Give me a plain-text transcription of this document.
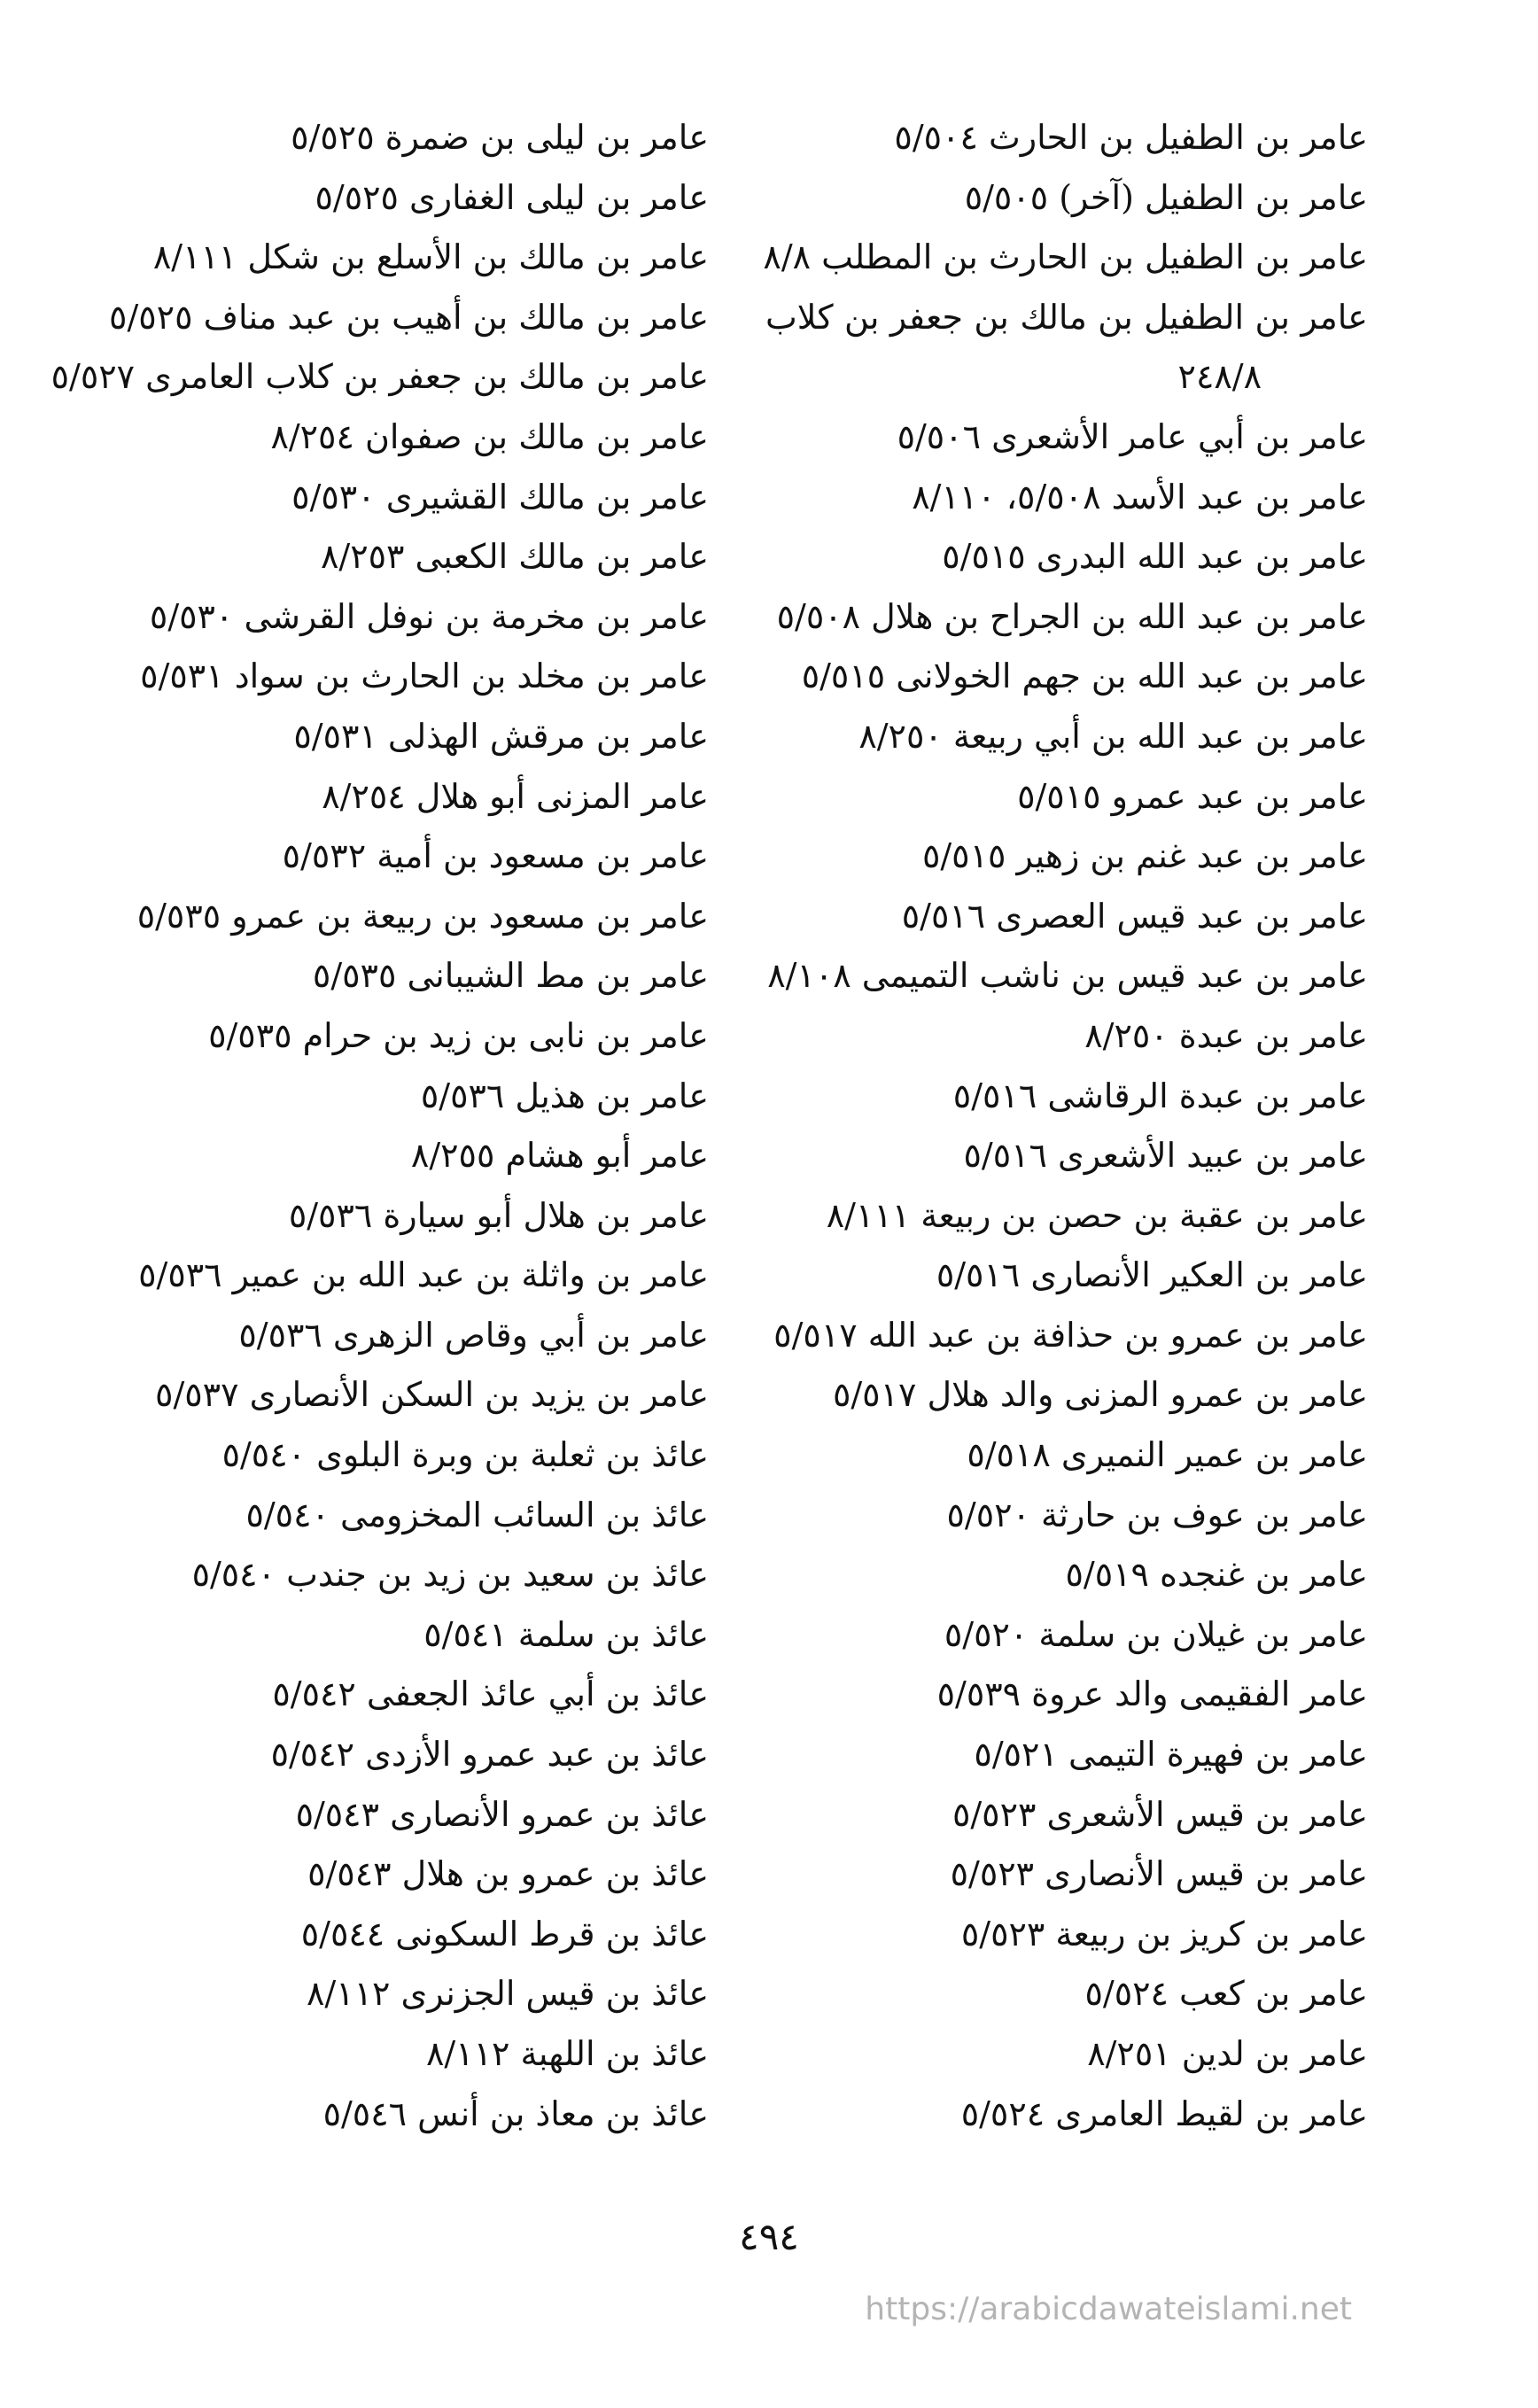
عامر بن الطفيل بن الحارث ٥/٥٠٤
عامر بن الطفيل (آخر) ٥/٥٠٥
عامر بن الطفيل بن الحارث بن المطلب ٨/٨
عامر بن الطفيل بن مالك بن جعفر بن كلاب
٢٤٨/٨
عامر بن أبي عامر الأشعرى ٥/٥٠٦
عامر بن عبد الأسد ٥/٥٠٨، ٨/١١٠
عامر بن عبد الله البدرى ٥/٥١٥
عامر بن عبد الله بن الجراح بن هلال ٥/٥٠٨
عامر بن عبد الله بن جهم الخولانى ٥/٥١٥
عامر بن عبد الله بن أبي ربيعة ٨/٢٥٠
عامر بن عبد عمرو ٥/٥١٥
عامر بن عبد غنم بن زهير ٥/٥١٥
عامر بن عبد قيس العصرى ٥/٥١٦
عامر بن عبد قيس بن ناشب التميمى ٨/١٠٨
عامر بن عبدة ٨/٢٥٠
عامر بن عبدة الرقاشى ٥/٥١٦
عامر بن عبيد الأشعرى ٥/٥١٦
عامر بن عقبة بن حصن بن ربيعة ٨/١١١
عامر بن العكير الأنصارى ٥/٥١٦
عامر بن عمرو بن حذافة بن عبد الله ٥/٥١٧
عامر بن عمرو المزنى والد هلال ٥/٥١٧
عامر بن عمير النميرى ٥/٥١٨
عامر بن عوف بن حارثة ٥/٥٢٠
عامر بن غنجده ٥/٥١٩
عامر بن غيلان بن سلمة ٥/٥٢٠
عامر الفقيمى والد عروة ٥/٥٣٩
عامر بن فهيرة التيمى ٥/٥٢١
عامر بن قيس الأشعرى ٥/٥٢٣
عامر بن قيس الأنصارى ٥/٥٢٣
عامر بن كريز بن ربيعة ٥/٥٢٣
عامر بن كعب ٥/٥٢٤
عامر بن لدين ٨/٢٥١
عامر بن لقيط العامرى ٥/٥٢٤
عامر بن ليلى بن ضمرة ٥/٥٢٥
عامر بن ليلى الغفارى ٥/٥٢٥
عامر بن مالك بن الأسلع بن شكل ٨/١١١
عامر بن مالك بن أهيب بن عبد مناف ٥/٥٢٥
عامر بن مالك بن جعفر بن كلاب العامرى ٥/٥٢٧
عامر بن مالك بن صفوان ٨/٢٥٤
عامر بن مالك القشيرى ٥/٥٣٠
عامر بن مالك الكعبى ٨/٢٥٣
عامر بن مخرمة بن نوفل القرشى ٥/٥٣٠
عامر بن مخلد بن الحارث بن سواد ٥/٥٣١
عامر بن مرقش الهذلى ٥/٥٣١
عامر المزنى أبو هلال ٨/٢٥٤
عامر بن مسعود بن أمية ٥/٥٣٢
عامر بن مسعود بن ربيعة بن عمرو ٥/٥٣٥
عامر بن مط الشيبانى ٥/٥٣٥
عامر بن نابى بن زيد بن حرام ٥/٥٣٥
عامر بن هذيل ٥/٥٣٦
عامر أبو هشام ٨/٢٥٥
عامر بن هلال أبو سيارة ٥/٥٣٦
عامر بن واثلة بن عبد الله بن عمير ٥/٥٣٦
عامر بن أبي وقاص الزهرى ٥/٥٣٦
عامر بن يزيد بن السكن الأنصارى ٥/٥٣٧
عائذ بن ثعلبة بن وبرة البلوى ٥/٥٤٠
عائذ بن السائب المخزومى ٥/٥٤٠
عائذ بن سعيد بن زيد بن جندب ٥/٥٤٠
عائذ بن سلمة ٥/٥٤١
عائذ بن أبي عائذ الجعفى ٥/٥٤٢
عائذ بن عبد عمرو الأزدى ٥/٥٤٢
عائذ بن عمرو الأنصارى ٥/٥٤٣
عائذ بن عمرو بن هلال ٥/٥٤٣
عائذ بن قرط السكونى ٥/٥٤٤
عائذ بن قيس الجزنرى ٨/١١٢
عائذ بن اللهبة ٨/١١٢
عائذ بن معاذ بن أنس ٥/٥٤٦
٤٩٤
https://arabicdawateislami.net
